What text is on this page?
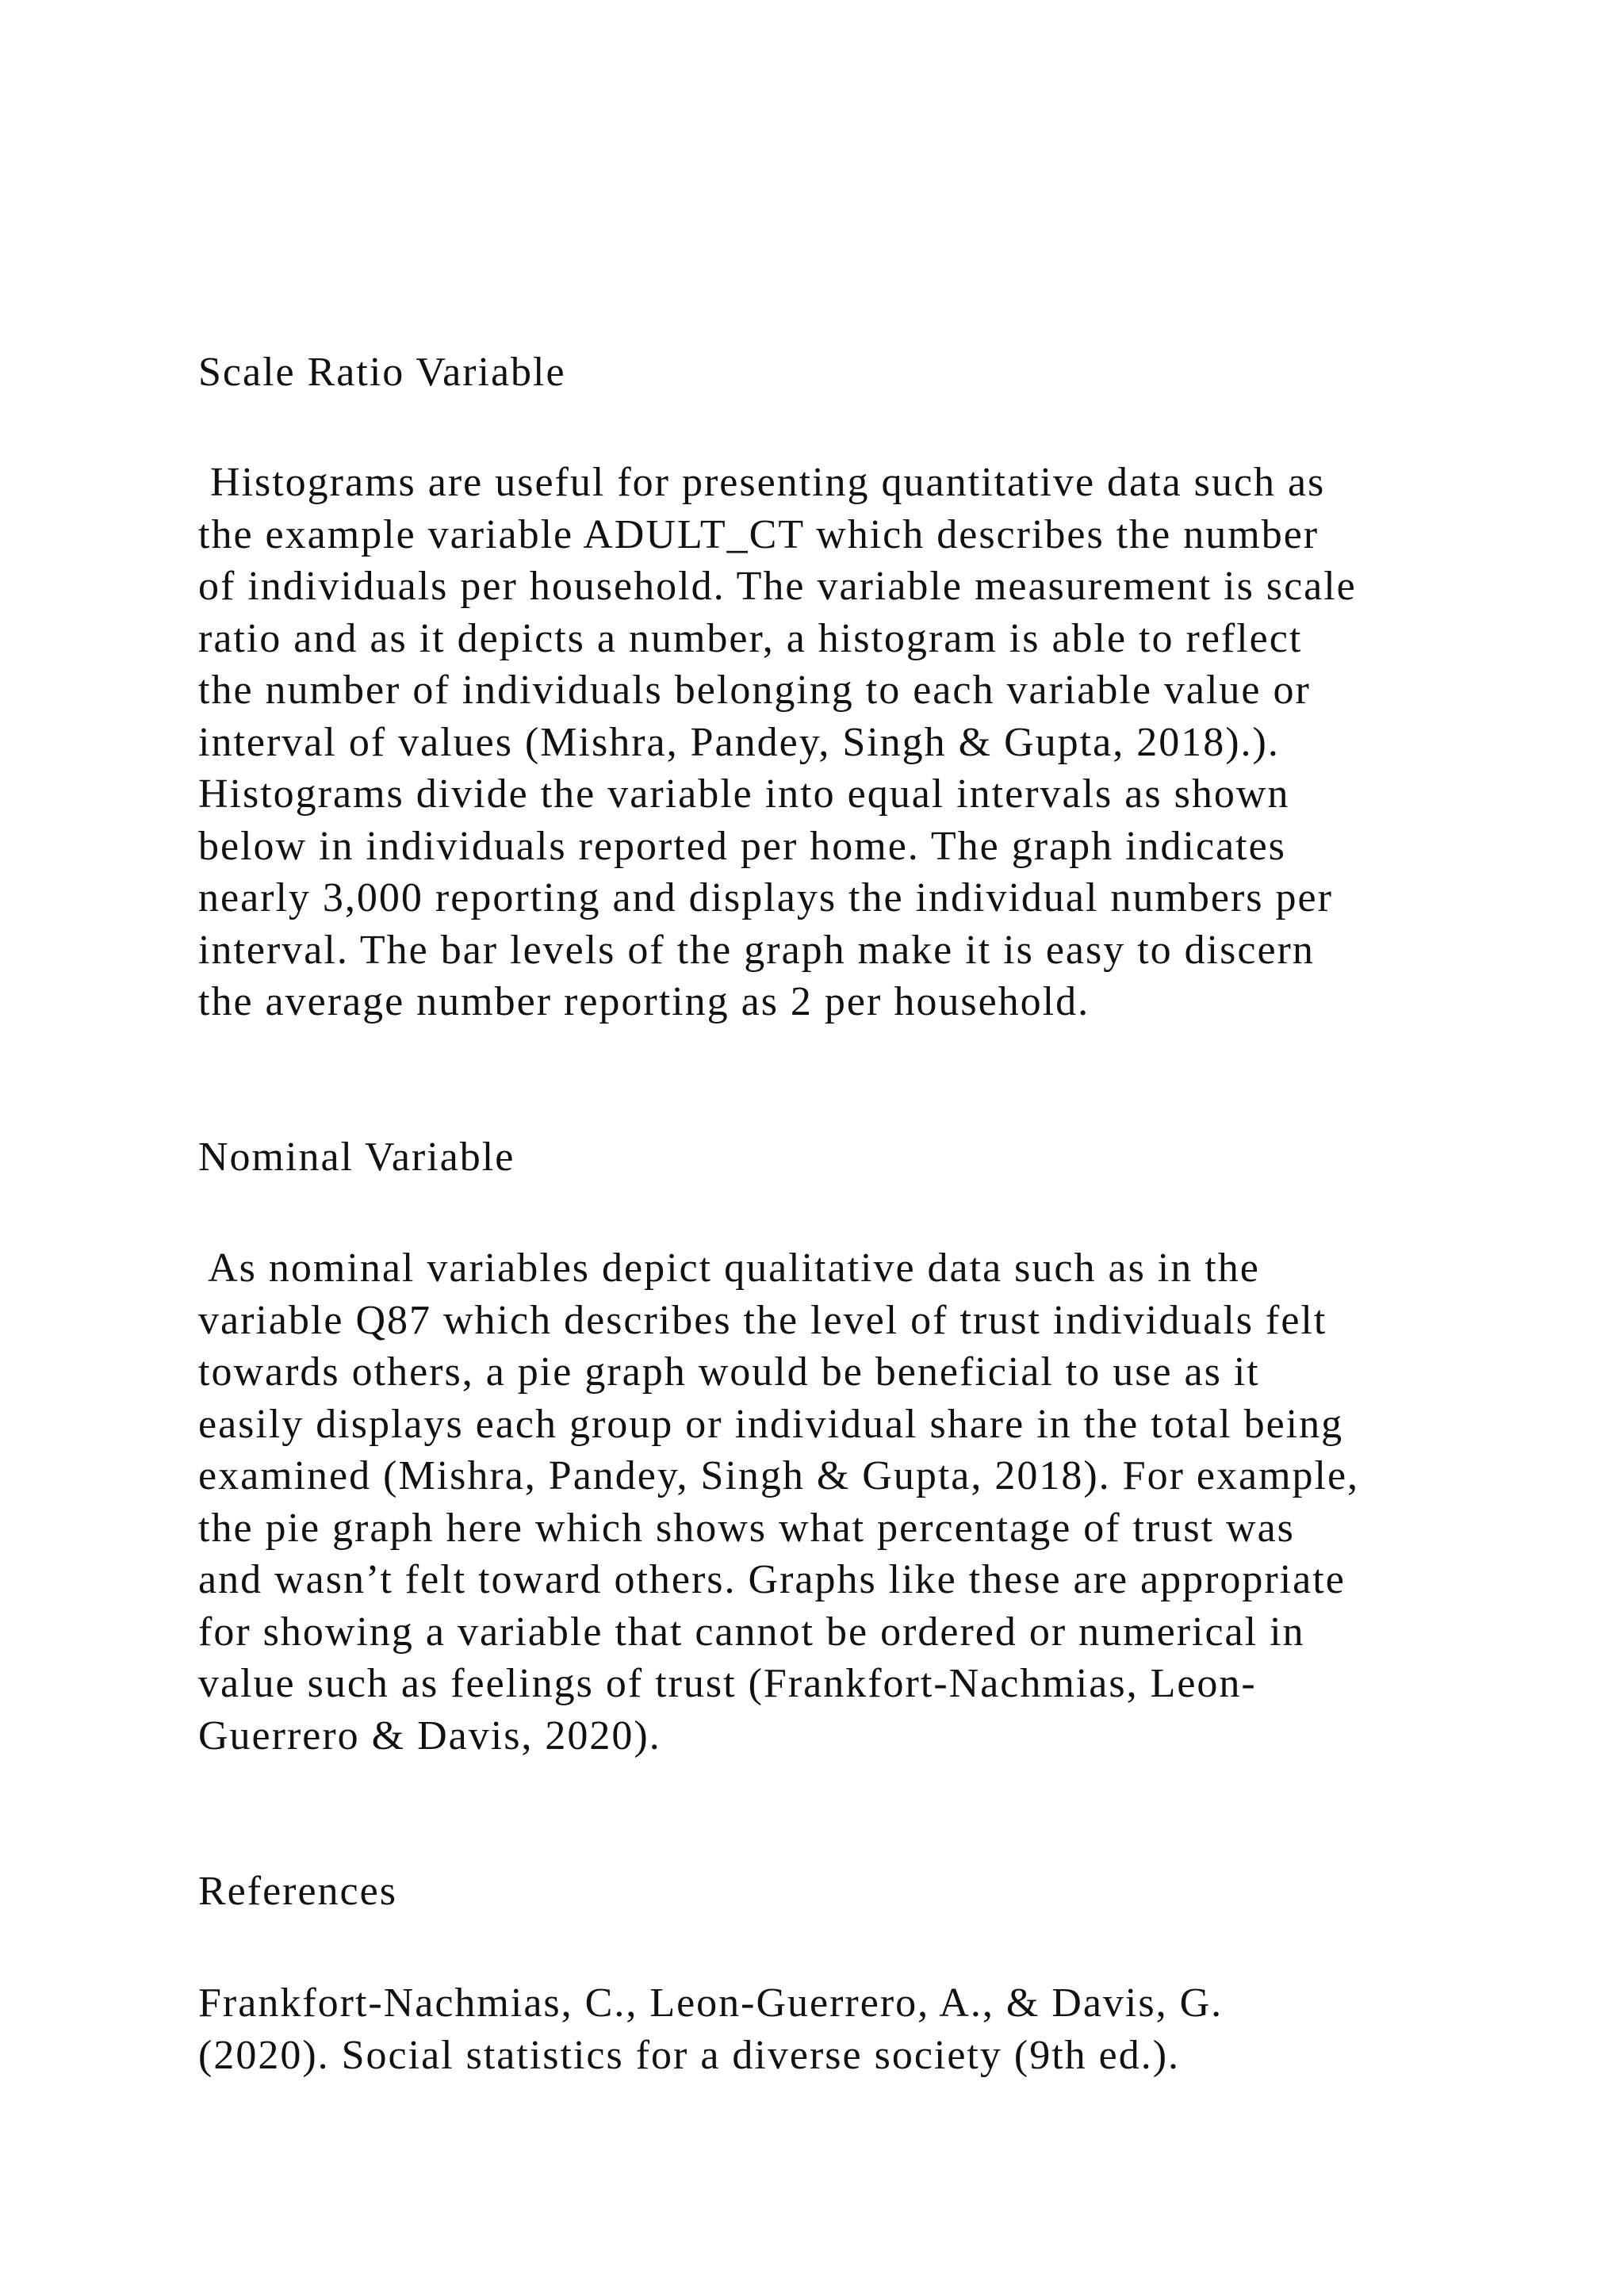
Scale Ratio Variable

Histograms are useful for presenting quantitative data such as
the example variable ADULT_CT which describes the number
of individuals per household. The variable measurement is scale
ratio and as it depicts a number, a histogram is able to reflect
the number of individuals belonging to each variable value or
interval of values (Mishra, Pandey, Singh & Gupta, 2018).).
Histograms divide the variable into equal intervals as shown
below in individuals reported per home. The graph indicates
nearly 3,000 reporting and displays the individual numbers per
interval. The bar levels of the graph make it is easy to discern
the average number reporting as 2 per household.

Nominal Variable

As nominal variables depict qualitative data such as in the
variable Q87 which describes the level of trust individuals felt
towards others, a pie graph would be beneficial to use as it
easily displays each group or individual share in the total being
examined (Mishra, Pandey, Singh & Gupta, 2018). For example,
the pie graph here which shows what percentage of trust was
and wasn’t felt toward others. Graphs like these are appropriate
for showing a variable that cannot be ordered or numerical in
value such as feelings of trust (Frankfort-Nachmias, Leon-
Guerrero & Davis, 2020).

References

Frankfort-Nachmias, C., Leon-Guerrero, A., & Davis, G.
(2020). Social statistics for a diverse society (9th ed.).
